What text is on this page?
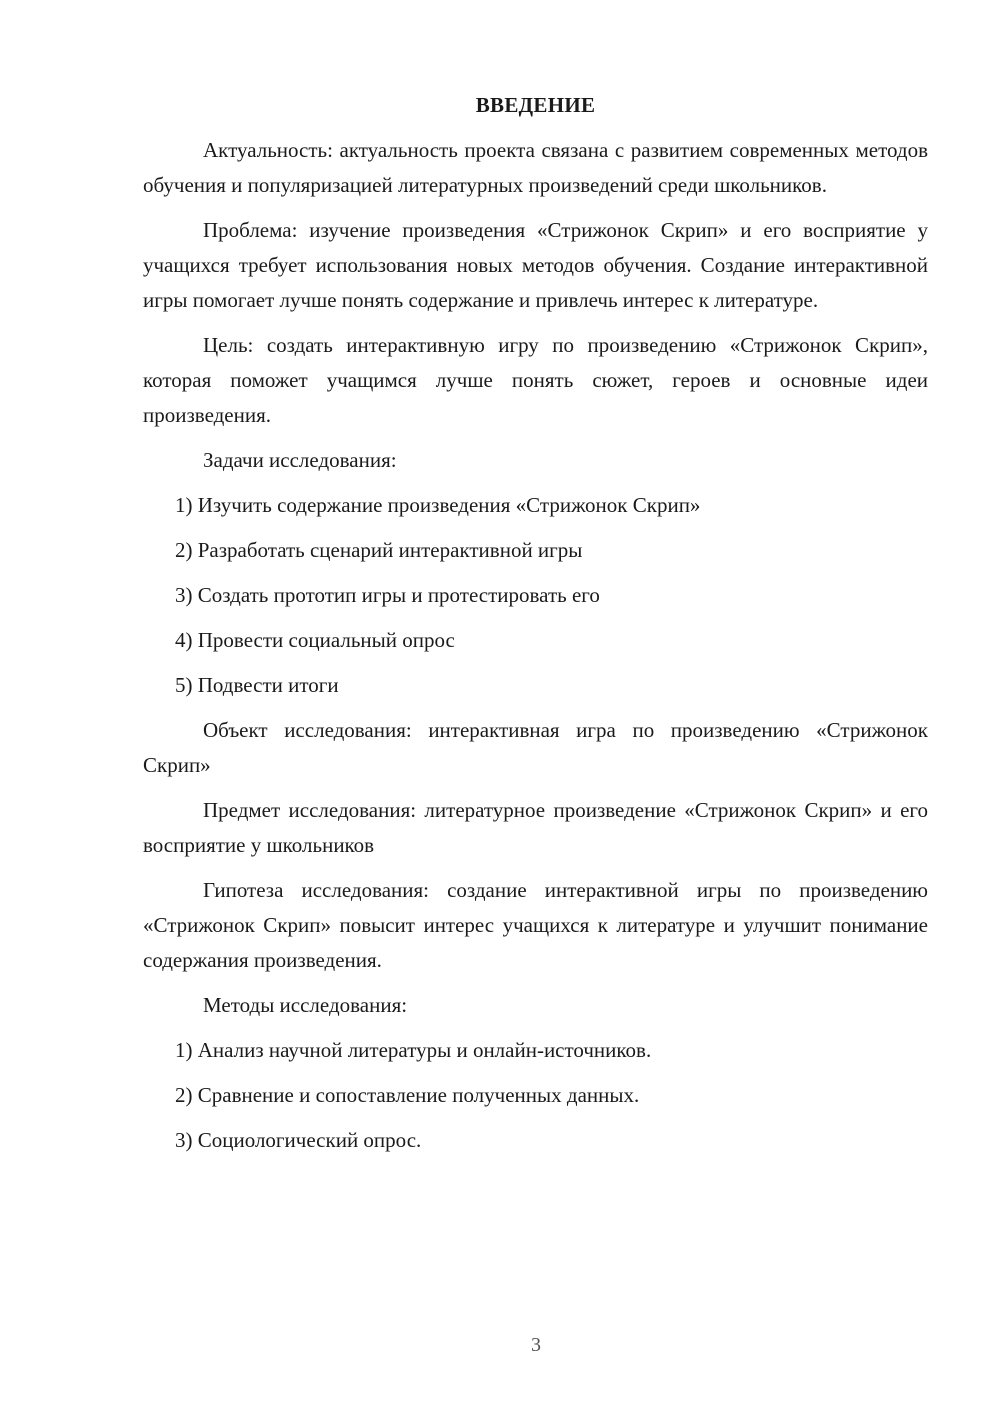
ВВЕДЕНИЕ

Актуальность: актуальность проекта связана с развитием современных методов обучения и популяризацией литературных произведений среди школьников.

Проблема: изучение произведения «Стрижонок Скрип» и его восприятие у учащихся требует использования новых методов обучения. Создание интерактивной игры помогает лучше понять содержание и привлечь интерес к литературе.

Цель: создать интерактивную игру по произведению «Стрижонок Скрип», которая поможет учащимся лучше понять сюжет, героев и основные идеи произведения.

Задачи исследования:

1) Изучить содержание произведения «Стрижонок Скрип»
2) Разработать сценарий интерактивной игры
3) Создать прототип игры и протестировать его
4) Провести социальный опрос
5) Подвести итоги

Объект исследования: интерактивная игра по произведению «Стрижонок Скрип»

Предмет исследования: литературное произведение «Стрижонок Скрип» и его восприятие у школьников

Гипотеза исследования: создание интерактивной игры по произведению «Стрижонок Скрип» повысит интерес учащихся к литературе и улучшит понимание содержания произведения.

Методы исследования:

1) Анализ научной литературы и онлайн-источников.
2) Сравнение и сопоставление полученных данных.
3) Социологический опрос.
3
